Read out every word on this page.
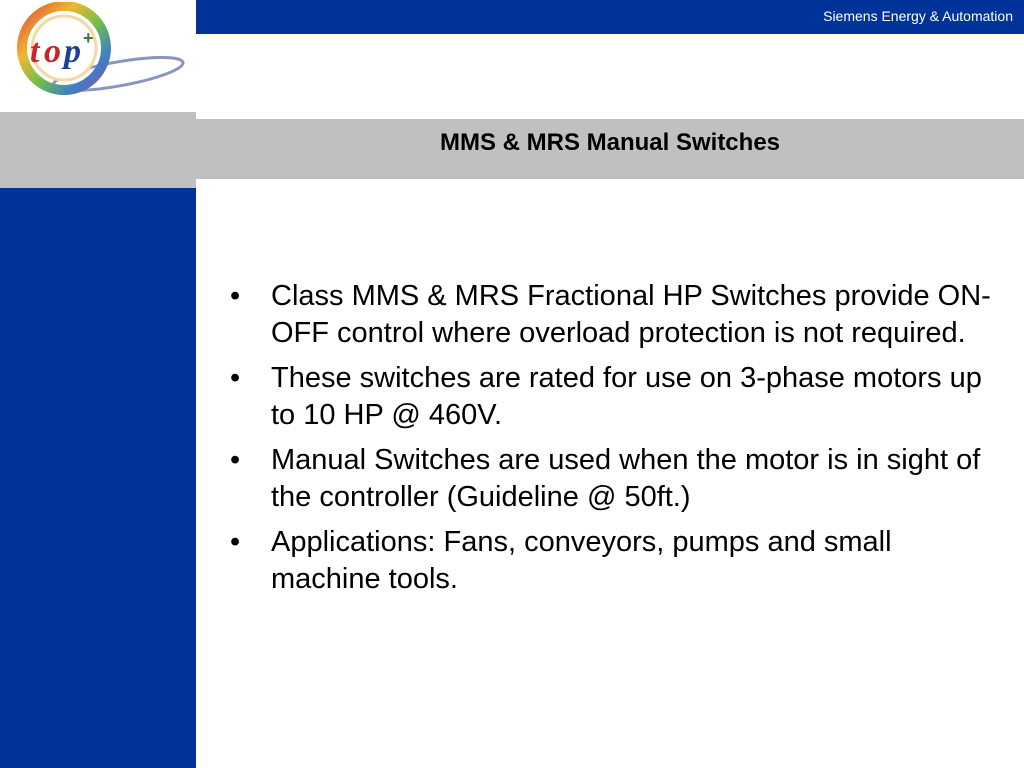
t o p +
Siemens Energy & Automation
MMS & MRS Manual Switches
• Class MMS & MRS Fractional HP Switches provide ON-OFF control where overload protection is not required.
• These switches are rated for use on 3-phase motors up to 10 HP @ 460V.
• Manual Switches are used when the motor is in sight of the controller (Guideline @ 50ft.)
• Applications: Fans, conveyors, pumps and small machine tools.
